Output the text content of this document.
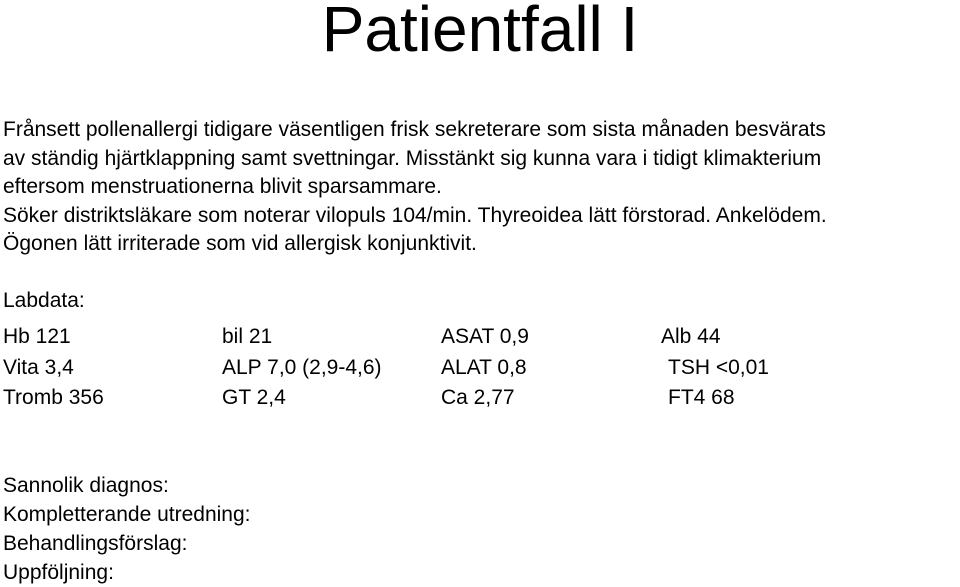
Patientfall I
Frånsett pollenallergi tidigare väsentligen frisk sekreterare som sista månaden besvärats
av ständig hjärtklappning samt svettningar. Misstänkt sig kunna vara i tidigt klimakterium
eftersom menstruationerna blivit sparsammare.
Söker distriktsläkare som noterar vilopuls 104/min. Thyreoidea lätt förstorad. Ankelödem.
Ögonen lätt irriterade som vid allergisk konjunktivit.
Labdata:
Hb 121	bil 21	ASAT 0,9	Alb 44
Vita 3,4	ALP 7,0 (2,9-4,6)	ALAT 0,8	TSH <0,01
Tromb 356	GT 2,4	Ca 2,77	FT4 68
Sannolik diagnos:
Kompletterande utredning:
Behandlingsförslag:
Uppföljning:
